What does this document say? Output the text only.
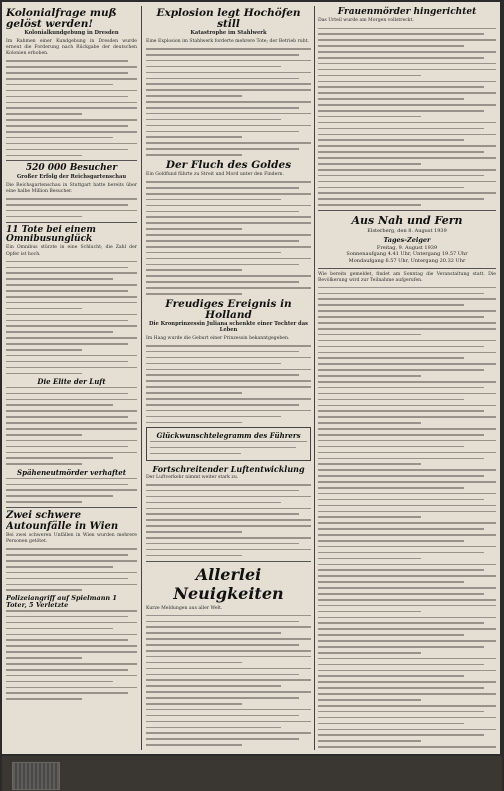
Kolonialfrage muß gelöst werden!
Kolonialkundgebung in Dresden
Im Rahmen einer Kundgebung in Dresden wurde erneut die Forderung nach Rückgabe der deutschen Kolonien erhoben.
520 000 Besucher
Großer Erfolg der Reichsgartenschau
Die Reichsgartenschau in Stuttgart hatte bereits über eine halbe Million Besucher.
11 Tote bei einem Omnibusunglück
Ein Omnibus stürzte in eine Schlucht; die Zahl der Opfer ist hoch.
Die Elite der Luft
Späheneutmörder verhaftet
Zwei schwere Autounfälle in Wien
Bei zwei schweren Unfällen in Wien wurden mehrere Personen getötet.
Polizeiangriff auf Spielmann 1 Toter, 5 Verletzte
Explosion legt Hochöfen still
Katastrophe im Stahlwerk
Eine Explosion im Stahlwerk forderte mehrere Tote; der Betrieb ruht.
Der Fluch des Goldes
Ein Goldfund führte zu Streit und Mord unter den Findern.
Freudiges Ereignis in Holland
Die Kronprinzessin Juliana schenkte einer Tochter das Leben
Im Haag wurde die Geburt einer Prinzessin bekanntgegeben.
Glückwunschtelegramm des Führers
Fortschreitender Luftentwicklung
Der Luftverkehr nimmt weiter stark zu.
Allerlei Neuigkeiten
Kurze Meldungen aus aller Welt.
Frauenmörder hingerichtet
Das Urteil wurde am Morgen vollstreckt.
Aus Nah und Fern
Elsterberg, den 8. August 1939
Tages-Zeiger
Freitag, 9. August 1939
Sonnenaufgang 4.41 Uhr, Untergang 19.57 Uhr
Mondaufgang 6.57 Uhr, Untergang 20.32 Uhr
Wie bereits gemeldet, findet am Sonntag die Veranstaltung statt. Die Bevölkerung wird zur Teilnahme aufgerufen.
